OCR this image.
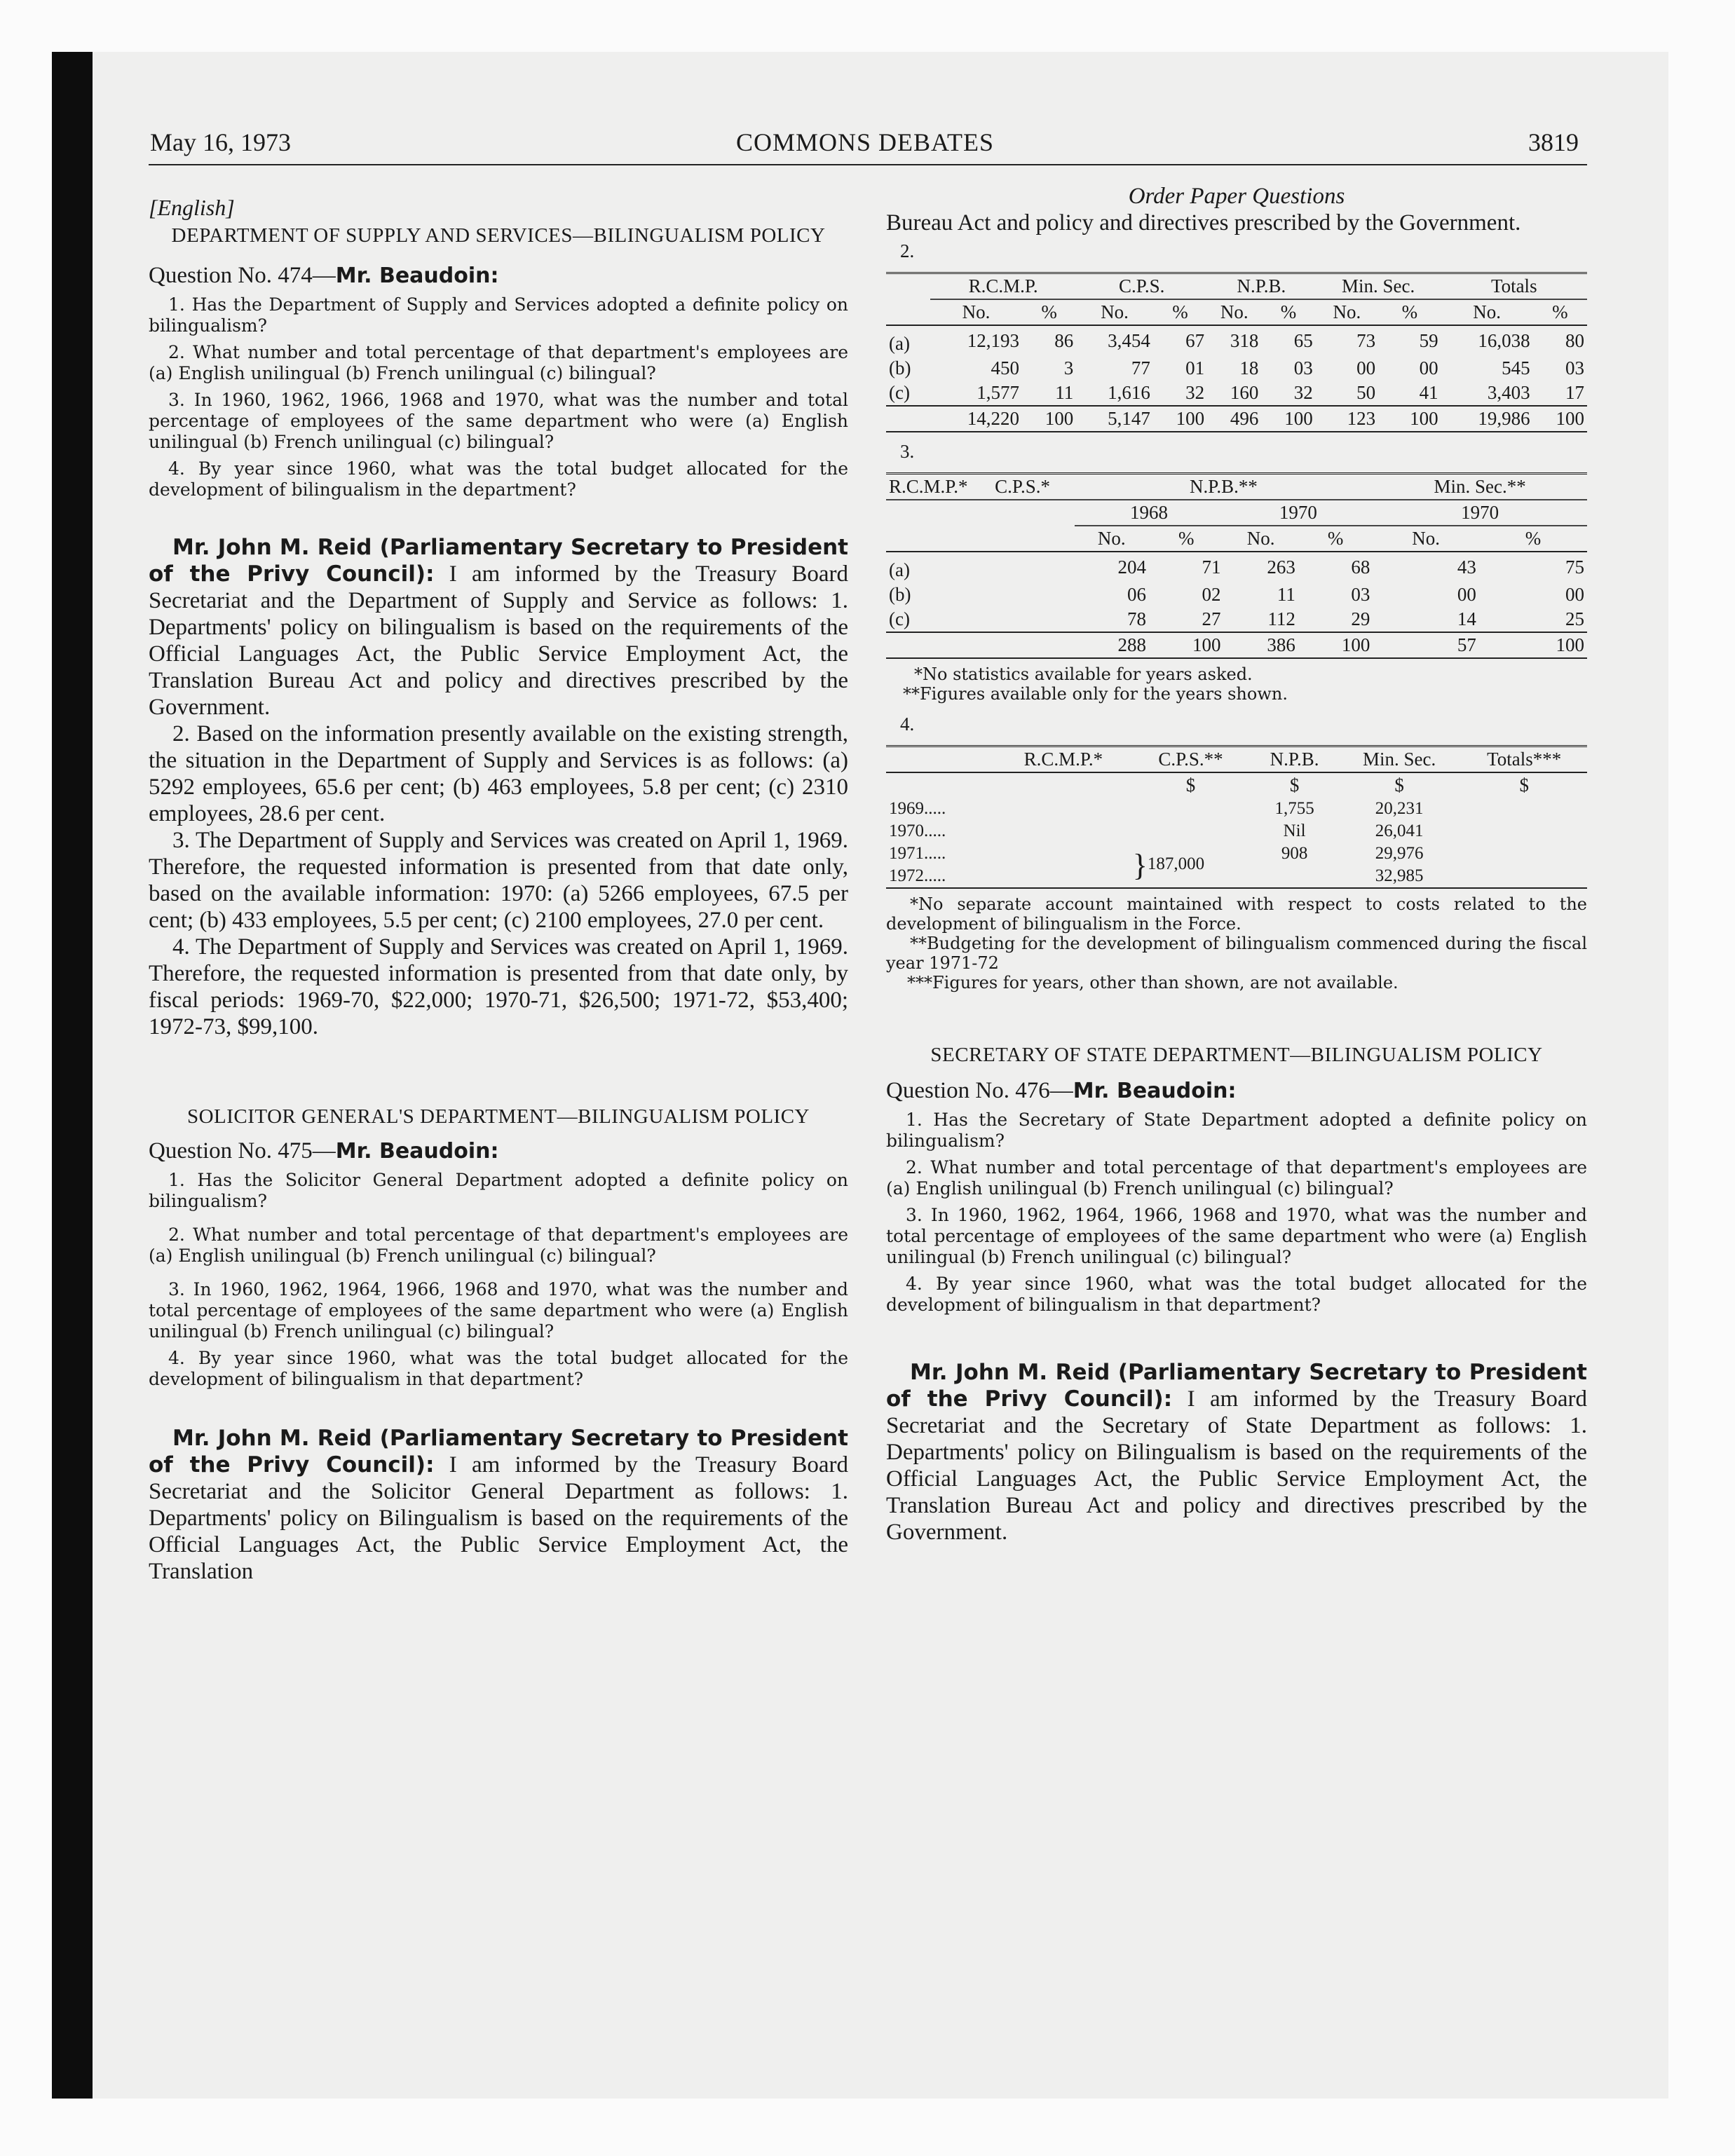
May 16, 1973	COMMONS DEBATES	3819
[English]
DEPARTMENT OF SUPPLY AND SERVICES—BILINGUALISM POLICY
Question No. 474—Mr. Beaudoin:

1. Has the Department of Supply and Services adopted a definite policy on bilingualism?

2. What number and total percentage of that department's employees are (a) English unilingual (b) French unilingual (c) bilingual?

3. In 1960, 1962, 1966, 1968 and 1970, what was the number and total percentage of employees of the same department who were (a) English unilingual (b) French unilingual (c) bilingual?

4. By year since 1960, what was the total budget allocated for the development of bilingualism in the department?

Mr. John M. Reid (Parliamentary Secretary to President of the Privy Council): I am informed by the Treasury Board Secretariat and the Department of Supply and Service as follows: 1. Departments' policy on bilingualism is based on the requirements of the Official Languages Act, the Public Service Employment Act, the Translation Bureau Act and policy and directives prescribed by the Government.

2. Based on the information presently available on the existing strength, the situation in the Department of Supply and Services is as follows: (a) 5292 employees, 65.6 per cent; (b) 463 employees, 5.8 per cent; (c) 2310 employees, 28.6 per cent.

3. The Department of Supply and Services was created on April 1, 1969. Therefore, the requested information is presented from that date only, based on the available information: 1970: (a) 5266 employees, 67.5 per cent; (b) 433 employees, 5.5 per cent; (c) 2100 employees, 27.0 per cent.

4. The Department of Supply and Services was created on April 1, 1969. Therefore, the requested information is presented from that date only, by fiscal periods: 1969-70, $22,000; 1970-71, $26,500; 1971-72, $53,400; 1972-73, $99,100.

SOLICITOR GENERAL'S DEPARTMENT—BILINGUALISM POLICY
Question No. 475—Mr. Beaudoin:

1. Has the Solicitor General Department adopted a definite policy on bilingualism?

2. What number and total percentage of that department's employees are (a) English unilingual (b) French unilingual (c) bilingual?

3. In 1960, 1962, 1964, 1966, 1968 and 1970, what was the number and total percentage of employees of the same department who were (a) English unilingual (b) French unilingual (c) bilingual?

4. By year since 1960, what was the total budget allocated for the development of bilingualism in that department?

Mr. John M. Reid (Parliamentary Secretary to President of the Privy Council): I am informed by the Treasury Board Secretariat and the Solicitor General Department as follows: 1. Departments' policy on Bilingualism is based on the requirements of the Official Languages Act, the Public Service Employment Act, the Translation

Order Paper Questions

Bureau Act and policy and directives prescribed by the Government.

2.
	R.C.M.P.		C.P.S.		N.P.B.		Min. Sec.		Totals	
	No.	%	No.	%	No.	%	No.	%	No.	%
(a)	12,193	86	3,454	67	318	65	73	59	16,038	80
(b)	450	3	77	01	18	03	00	00	545	03
(c)	1,577	11	1,616	32	160	32	50	41	3,403	17
	14,220	100	5,147	100	496	100	123	100	19,986	100
3.
R.C.M.P.*	C.P.S.*	N.P.B.**				Min. Sec.**	
		1968		1970		1970	
		No.	%	No.	%	No.	%
(a)		204	71	263	68	43	75
(b)		06	02	11	03	00	00
(c)		78	27	112	29	14	25
		288	100	386	100	57	100
*No statistics available for years asked.
**Figures available only for the years shown.
4.
	R.C.M.P.*	C.P.S.**	N.P.B.	Min. Sec.	Totals***
		$	$	$	$
1969.....			1,755	20,231	
1970.....			Nil	26,041	
1971.....		}187,000	908	29,976	
1972.....				32,985	
*No separate account maintained with respect to costs related to the development of bilingualism in the Force.
**Budgeting for the development of bilingualism commenced during the fiscal year 1971-72
***Figures for years, other than shown, are not available.
SECRETARY OF STATE DEPARTMENT—BILINGUALISM POLICY
Question No. 476—Mr. Beaudoin:

1. Has the Secretary of State Department adopted a definite policy on bilingualism?

2. What number and total percentage of that department's employees are (a) English unilingual (b) French unilingual (c) bilingual?

3. In 1960, 1962, 1964, 1966, 1968 and 1970, what was the number and total percentage of employees of the same department who were (a) English unilingual (b) French unilingual (c) bilingual?

4. By year since 1960, what was the total budget allocated for the development of bilingualism in that department?

Mr. John M. Reid (Parliamentary Secretary to President of the Privy Council): I am informed by the Treasury Board Secretariat and the Secretary of State Department as follows: 1. Departments' policy on Bilingualism is based on the requirements of the Official Languages Act, the Public Service Employment Act, the Translation Bureau Act and policy and directives prescribed by the Government.
